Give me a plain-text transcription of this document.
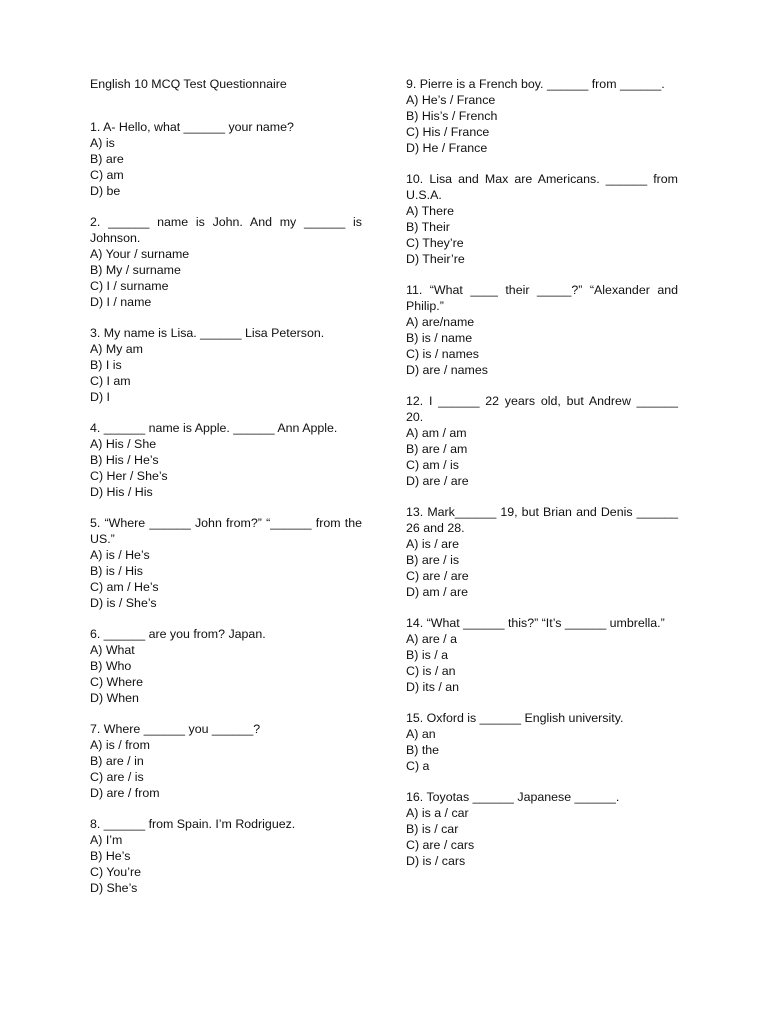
English 10 MCQ Test Questionnaire
1. A- Hello, what ______ your name?
A) is
B) are
C) am
D) be
2. ______ name is John. And my ______ is Johnson.
A) Your / surname
B) My / surname
C) I / surname
D) I / name
3. My name is Lisa. ______ Lisa Peterson.
A) My am
B) I is
C) I am
D) I
4. ______ name is Apple. ______ Ann Apple.
A) His / She
B) His / He’s
C) Her / She’s
D) His / His
5. “Where ______ John from?” “______ from the US.”
A) is / He’s
B) is / His
C) am / He’s
D) is / She’s
6. ______ are you from? Japan.
A) What
B) Who
C) Where
D) When
7. Where ______ you ______?
A) is / from
B) are / in
C) are / is
D) are / from
8. ______ from Spain. I’m Rodriguez.
A) I’m
B) He’s
C) You’re
D) She’s
9. Pierre is a French boy. ______ from ______.
A) He’s / France
B) His’s / French
C) His / France
D) He / France
10. Lisa and Max are Americans. ______ from U.S.A.
A) There
B) Their
C) They’re
D) Their’re
11. “What ____ their _____?” “Alexander and Philip.”
A) are/name
B) is / name
C) is / names
D) are / names
12. I ______ 22 years old, but Andrew ______ 20.
A) am / am
B) are / am
C) am / is
D) are / are
13. Mark______ 19, but Brian and Denis ______ 26 and 28.
A) is / are
B) are / is
C) are / are
D) am / are
14. “What ______ this?” “It’s ______ umbrella.”
A) are / a
B) is / a
C) is / an
D) its / an
15. Oxford is ______ English university.
A) an
B) the
C) a
16. Toyotas ______ Japanese ______.
A) is a / car
B) is / car
C) are / cars
D) is / cars
